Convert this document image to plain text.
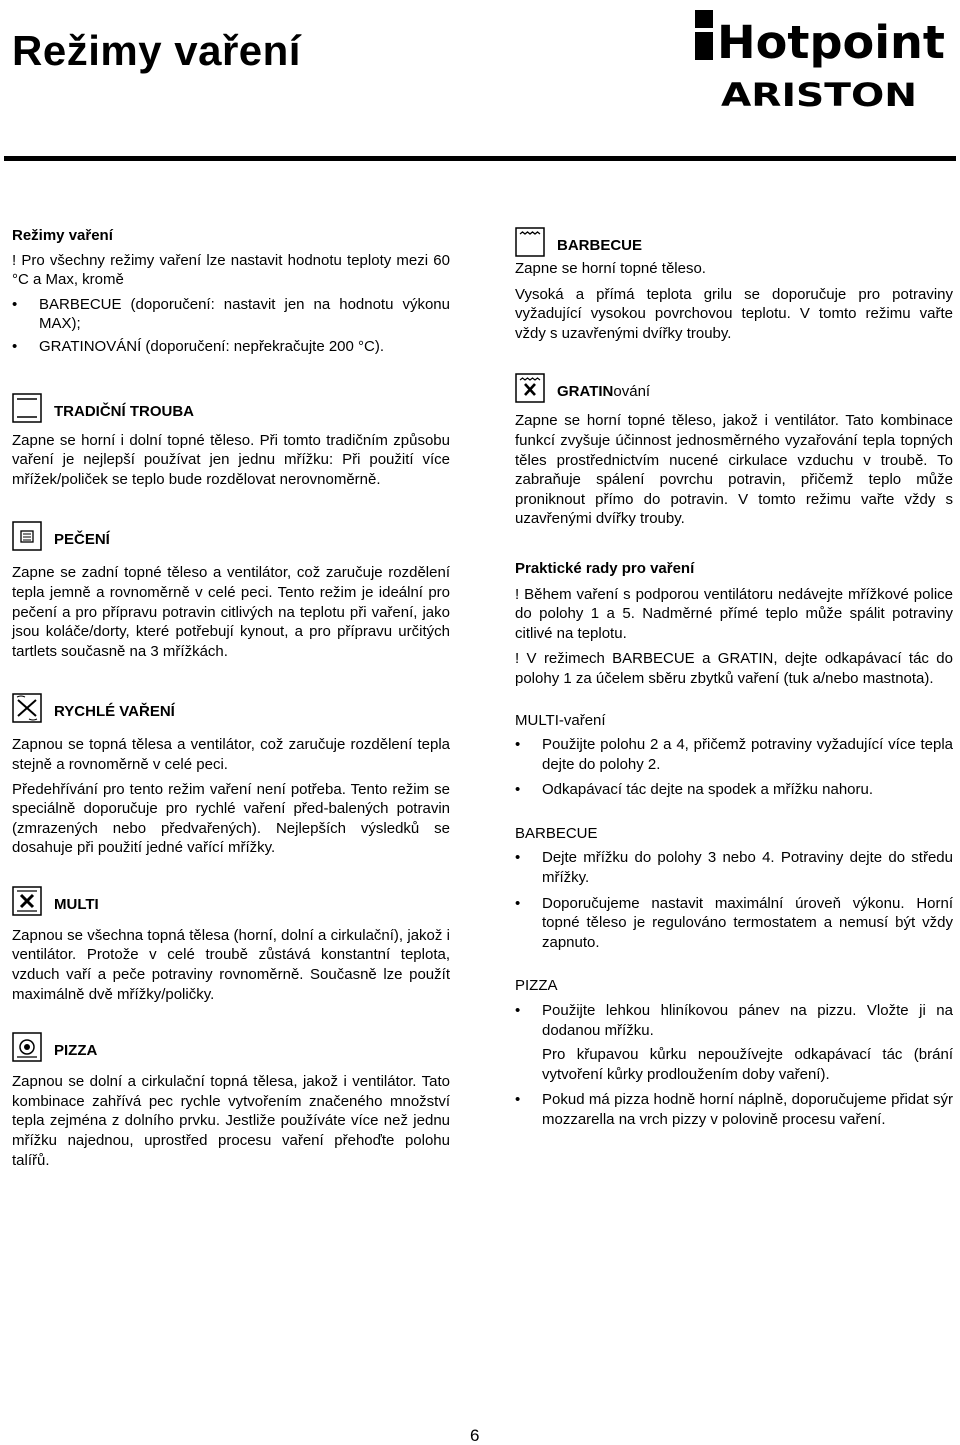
Režimy vaření	Hotpoint
ARISTON
Režimy vaření

! Pro všechny režimy vaření lze nastavit hodnotu teploty mezi 60 °C a Max, kromě

• BARBECUE (doporučení: nastavit jen na hodnotu výkonu MAX);
• GRATINOVÁNÍ (doporučení: nepřekračujte 200 °C).
TRADIČNÍ TROUBA

Zapne se horní i dolní topné těleso. Při tomto tradičním způsobu vaření je nejlepší používat jen jednu mřížku: Při použití více mřížek/poliček se teplo bude rozdělovat nerovnoměrně.

PEČENÍ

Zapne se zadní topné těleso a ventilátor, což zaručuje rozdělení tepla jemně a rovnoměrně v celé peci. Tento režim je ideální pro pečení a pro přípravu potravin citlivých na teplotu při vaření, jako jsou koláče/dorty, které potřebují kynout, a pro přípravu určitých tartlets současně na 3 mřížkách.

RYCHLÉ VAŘENÍ

Zapnou se topná tělesa a ventilátor, což zaručuje rozdělení tepla stejně a rovnoměrně v celé peci.

Předehřívání pro tento režim vaření není potřeba. Tento režim se speciálně doporučuje pro rychlé vaření před-balených potravin (zmrazených nebo předvařených). Nejlepších výsledků se dosahuje při použití jedné vařící mřížky.

MULTI

Zapnou se všechna topná tělesa (horní, dolní a cirkulační), jakož i ventilátor. Protože v celé troubě zůstává konstantní teplota, vzduch vaří a peče potraviny rovnoměrně. Současně lze použít maximálně dvě mřížky/poličky.

PIZZA

Zapnou se dolní a cirkulační topná tělesa, jakož i ventilátor. Tato kombinace zahřívá pec rychle vytvořením značeného množství tepla zejména z dolního prvku. Jestliže používáte více než jednu mřížku najednou, uprostřed procesu vaření přehoďte polohu talířů.

BARBECUE

Zapne se horní topné těleso.

Vysoká a přímá teplota grilu se doporučuje pro potraviny vyžadující vysokou povrchovou teplotu. V tomto režimu vařte vždy s uzavřenými dvířky trouby.

GRATINování

Zapne se horní topné těleso, jakož i ventilátor. Tato kombinace funkcí zvyšuje účinnost jednosměrného vyzařování tepla topných těles prostřednictvím nucené cirkulace vzduchu v troubě. To zabraňuje spálení povrchu potravin, přičemž teplo může proniknout přímo do potravin. V tomto režimu vařte vždy s uzavřenými dvířky trouby.

Praktické rady pro vaření

! Během vaření s podporou ventilátoru nedávejte mřížkové police do polohy 1 a 5. Nadměrné přímé teplo může spálit potraviny citlivé na teplotu.

! V režimech BARBECUE a GRATIN, dejte odkapávací tác do polohy 1 za účelem sběru zbytků vaření (tuk a/nebo mastnota).

MULTI-vaření
• Použijte polohu 2 a 4, přičemž potraviny vyžadující více tepla dejte do polohy 2.
• Odkapávací tác dejte na spodek a mřížku nahoru.
BARBECUE
• Dejte mřížku do polohy 3 nebo 4. Potraviny dejte do středu mřížky.
• Doporučujeme nastavit maximální úroveň výkonu. Horní topné těleso je regulováno termostatem a nemusí být vždy zapnuto.
PIZZA
• Použijte lehkou hliníkovou pánev na pizzu. Vložte ji na dodanou mřížku.

Pro křupavou kůrku nepoužívejte odkapávací tác (brání vytvoření kůrky prodloužením doby vaření).

• Pokud má pizza hodně horní náplně, doporučujeme přidat sýr mozzarella na vrch pizzy v polovině procesu vaření.
6
